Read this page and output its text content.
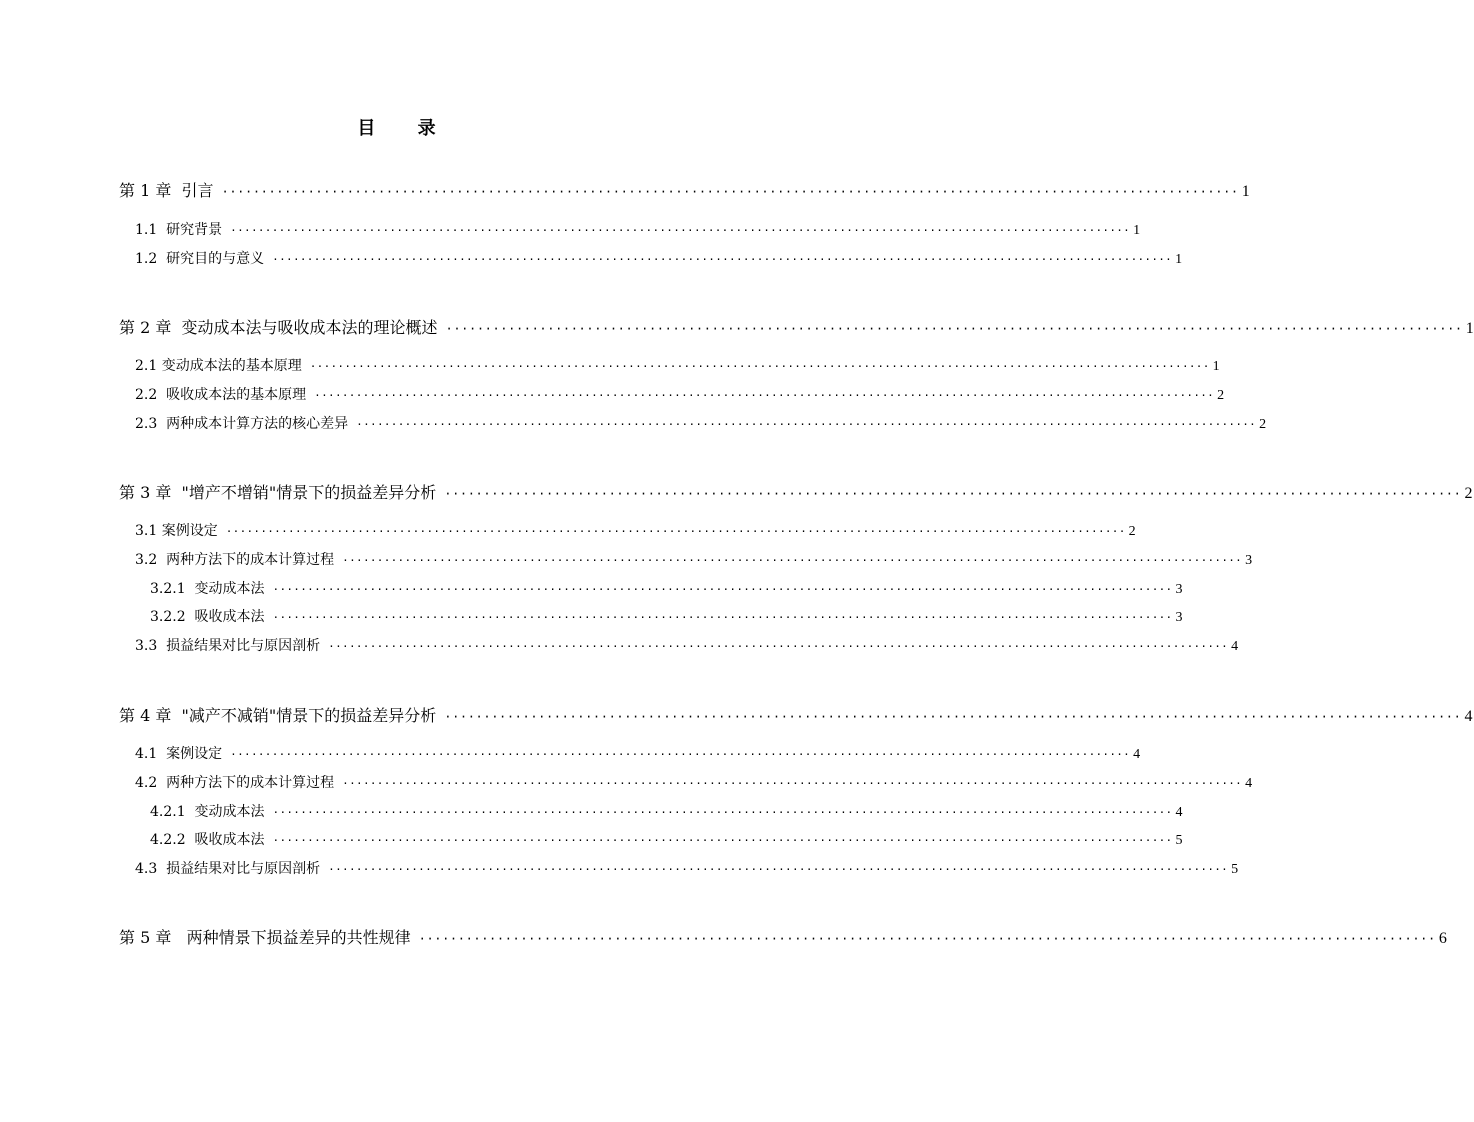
目 录
第 1 章  引言 ·································································································································· 1
1.1  研究背景 ·································································································································· 1
1.2  研究目的与意义 ·································································································································· 1
第 2 章  变动成本法与吸收成本法的理论概述 ·································································································································· 1
2.1 变动成本法的基本原理 ·································································································································· 1
2.2  吸收成本法的基本原理 ·································································································································· 2
2.3  两种成本计算方法的核心差异 ·································································································································· 2
第 3 章  "增产不增销"情景下的损益差异分析 ·································································································································· 2
3.1 案例设定 ·································································································································· 2
3.2  两种方法下的成本计算过程 ·································································································································· 3
3.2.1  变动成本法 ·································································································································· 3
3.2.2  吸收成本法 ·································································································································· 3
3.3  损益结果对比与原因剖析 ·································································································································· 4
第 4 章  "减产不减销"情景下的损益差异分析 ·································································································································· 4
4.1  案例设定 ·································································································································· 4
4.2  两种方法下的成本计算过程 ·································································································································· 4
4.2.1  变动成本法 ·································································································································· 4
4.2.2  吸收成本法 ·································································································································· 5
4.3  损益结果对比与原因剖析 ·································································································································· 5
第 5 章   两种情景下损益差异的共性规律 ·································································································································· 6
